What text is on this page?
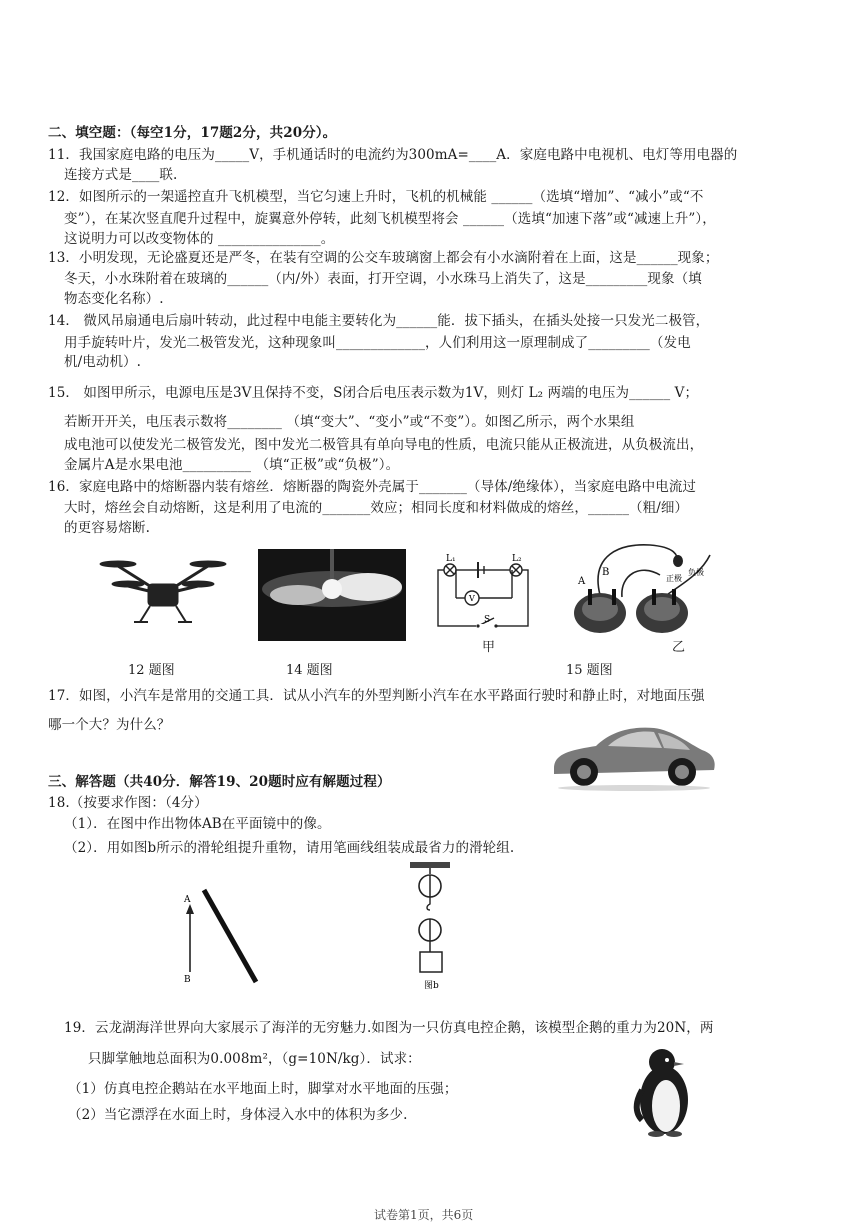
二、填空题：（每空1分，17题2分，共20分）。
11．我国家庭电路的电压为_____V，手机通话时的电流约为300mA=____A．家庭电路中电视机、电灯等用电器的
连接方式是____联.
12．如图所示的一架遥控直升飞机模型，当它匀速上升时，飞机的机械能 ______（选填“增加”、“减小”或“不
变”），在某次竖直爬升过程中，旋翼意外停转，此刻飞机模型将会 ______（选填“加速下落”或“减速上升”），
这说明力可以改变物体的 _______________。
13．小明发现，无论盛夏还是严冬，在装有空调的公交车玻璃窗上都会有小水滴附着在上面，这是______现象；
冬天，小水珠附着在玻璃的______（内/外）表面，打开空调，小水珠马上消失了，这是_________现象（填
物态变化名称）.
14． 微风吊扇通电后扇叶转动，此过程中电能主要转化为______能．拔下插头，在插头处接一只发光二极管，
用手旋转叶片，发光二极管发光，这种现象叫_____________，人们利用这一原理制成了_________（发电
机/电动机）.
15． 如图甲所示，电源电压是3V且保持不变，S闭合后电压表示数为1V，则灯 L₂ 两端的电压为______ V；
若断开开关，电压表示数将________ （填“变大”、“变小”或“不变”）。如图乙所示，两个水果组
成电池可以使发光二极管发光，图中发光二极管具有单向导电的性质，电流只能从正极流进，从负极流出，
金属片A是水果电池__________ （填“正极”或“负极”）。
16．家庭电路中的熔断器内装有熔丝．熔断器的陶瓷外壳属于_______（导体/绝缘体），当家庭电路中电流过
大时，熔丝会自动熔断，这是利用了电流的_______效应；相同长度和材料做成的熔丝，______（粗/细）
的更容易熔断.
L₁	L₂
V
S
A
B
正极
负极
12 题图	14 题图
甲
15 题图
乙
17．如图，小汽车是常用的交通工具．试从小汽车的外型判断小汽车在水平路面行驶时和静止时，对地面压强
哪一个大？为什么？
三、解答题（共40分．解答19、20题时应有解题过程）
18.（按要求作图：（4分）
（1）．在图中作出物体AB在平面镜中的像。
（2）．用如图b所示的滑轮组提升重物，请用笔画线组装成最省力的滑轮组.
A
B
图b
19．云龙湖海洋世界向大家展示了海洋的无穷魅力.如图为一只仿真电控企鹅，该模型企鹅的重力为20N，两
只脚掌触地总面积为0.008m²，（g=10N/kg）．试求：
（1）仿真电控企鹅站在水平地面上时，脚掌对水平地面的压强；
（2）当它漂浮在水面上时，身体浸入水中的体积为多少.
试卷第1页，共6页
